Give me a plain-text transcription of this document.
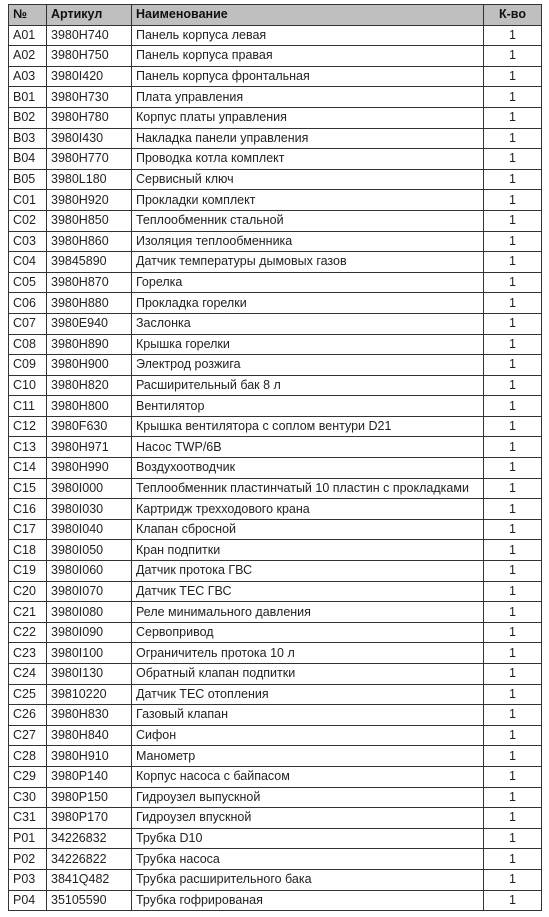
№	Артикул	Наименование	К-во
A01	3980H740	Панель корпуса левая	1
A02	3980H750	Панель корпуса правая	1
A03	3980I420	Панель корпуса фронтальная	1
B01	3980H730	Плата управления	1
B02	3980H780	Корпус платы управления	1
B03	3980I430	Накладка панели управления	1
B04	3980H770	Проводка котла комплект	1
B05	3980L180	Сервисный ключ	1
C01	3980H920	Прокладки комплект	1
C02	3980H850	Теплообменник стальной	1
C03	3980H860	Изоляция теплообменника	1
C04	39845890	Датчик температуры дымовых газов	1
C05	3980H870	Горелка	1
C06	3980H880	Прокладка горелки	1
C07	3980E940	Заслонка	1
C08	3980H890	Крышка горелки	1
C09	3980H900	Электрод розжига	1
C10	3980H820	Расширительный бак 8 л	1
C11	3980H800	Вентилятор	1
C12	3980F630	Крышка вентилятора с соплом вентури D21	1
C13	3980H971	Насос TWP/6B	1
C14	3980H990	Воздухоотводчик	1
C15	3980I000	Теплообменник пластинчатый 10 пластин с прокладками	1
C16	3980I030	Картридж трехходового крана	1
C17	3980I040	Клапан сбросной	1
C18	3980I050	Кран подпитки	1
C19	3980I060	Датчик протока ГВС	1
C20	3980I070	Датчик ТЕС ГВС	1
C21	3980I080	Реле минимального давления	1
C22	3980I090	Сервопривод	1
C23	3980I100	Ограничитель протока 10 л	1
C24	3980I130	Обратный клапан подпитки	1
C25	39810220	Датчик ТЕС отопления	1
C26	3980H830	Газовый клапан	1
C27	3980H840	Сифон	1
C28	3980H910	Манометр	1
C29	3980P140	Корпус насоса с байпасом	1
C30	3980P150	Гидроузел выпускной	1
C31	3980P170	Гидроузел впускной	1
P01	34226832	Трубка D10	1
P02	34226822	Трубка насоса	1
P03	3841Q482	Трубка расширительного бака	1
P04	35105590	Трубка гофрированая	1
